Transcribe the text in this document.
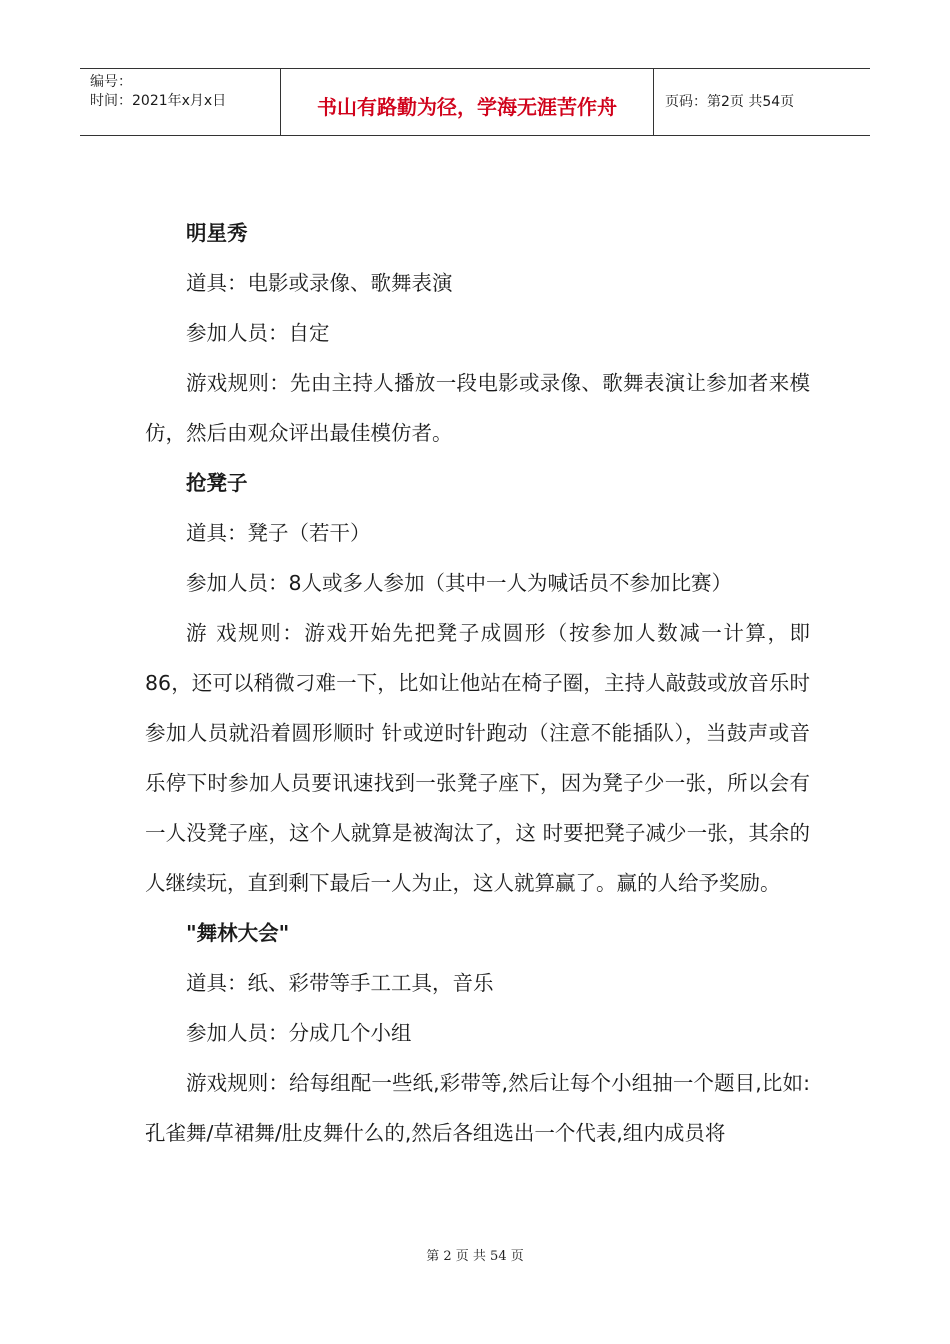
编号：
时间：2021年x月x日	书山有路勤为径，学海无涯苦作舟	页码：第2页 共54页

明星秀

道具：电影或录像、歌舞表演

参加人员：自定

游戏规则：先由主持人播放一段电影或录像、歌舞表演让参加者来模仿，然后由观众评出最佳模仿者。

抢凳子

道具：凳子（若干）

参加人员：8人或多人参加（其中一人为喊话员不参加比赛）

游 戏规则：游戏开始先把凳子成圆形（按参加人数减一计算，即86，还可以稍微刁难一下，比如让他站在椅子圈，主持人敲鼓或放音乐时参加人员就沿着圆形顺时 针或逆时针跑动（注意不能插队），当鼓声或音乐停下时参加人员要讯速找到一张凳子座下，因为凳子少一张，所以会有一人没凳子座，这个人就算是被淘汰了，这 时要把凳子减少一张，其余的人继续玩，直到剩下最后一人为止，这人就算赢了。赢的人给予奖励。

"舞林大会"

道具：纸、彩带等手工工具，音乐

参加人员：分成几个小组

游戏规则：给每组配一些纸,彩带等,然后让每个小组抽一个题目,比如:孔雀舞/草裙舞/肚皮舞什么的,然后各组选出一个代表,组内成员将

第 2 页 共 54 页
